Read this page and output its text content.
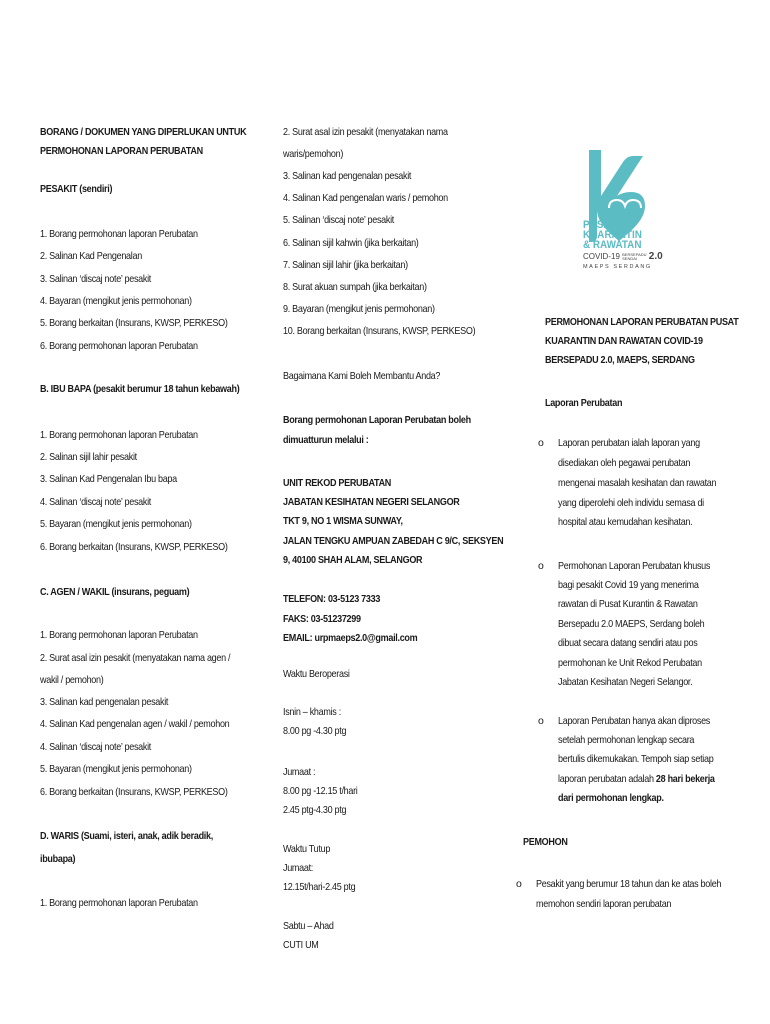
BORANG / DOKUMEN YANG DIPERLUKAN UNTUK
PERMOHONAN LAPORAN PERUBATAN
PESAKIT (sendiri)
1. Borang permohonan laporan Perubatan
2. Salinan Kad Pengenalan
3. Salinan ‘discaj note’ pesakit
4. Bayaran (mengikut jenis permohonan)
5. Borang berkaitan (Insurans, KWSP, PERKESO)
6. Borang permohonan laporan Perubatan
B. IBU BAPA (pesakit berumur 18 tahun kebawah)
1. Borang permohonan laporan Perubatan
2. Salinan sijil lahir pesakit
3. Salinan Kad Pengenalan Ibu bapa
4. Salinan ‘discaj note’ pesakit
5. Bayaran (mengikut jenis permohonan)
6. Borang berkaitan (Insurans, KWSP, PERKESO)
C. AGEN / WAKIL (insurans, peguam)
1. Borang permohonan laporan Perubatan
2. Surat asal izin pesakit (menyatakan nama agen /
wakil / pemohon)
3. Salinan kad pengenalan pesakit
4. Salinan Kad pengenalan agen / wakil / pemohon
4. Salinan ‘discaj note’ pesakit
5. Bayaran (mengikut jenis permohonan)
6. Borang berkaitan (Insurans, KWSP, PERKESO)
D. WARIS (Suami, isteri, anak, adik beradik,
ibubapa)
1. Borang permohonan laporan Perubatan
2. Surat asal izin pesakit (menyatakan nama
waris/pemohon)
3. Salinan kad pengenalan pesakit
4. Salinan Kad pengenalan waris / pemohon
5. Salinan ‘discaj note’ pesakit
6. Salinan sijil kahwin (jika berkaitan)
7. Salinan sijil lahir (jika berkaitan)
8. Surat akuan sumpah (jika berkaitan)
9. Bayaran (mengikut jenis permohonan)
10. Borang berkaitan (Insurans, KWSP, PERKESO)
Bagaimana Kami Boleh Membantu Anda?
Borang permohonan Laporan Perubatan boleh
dimuatturun melalui :
UNIT REKOD PERUBATAN
JABATAN KESIHATAN NEGERI SELANGOR
TKT 9, NO 1 WISMA SUNWAY,
JALAN TENGKU AMPUAN ZABEDAH C 9/C, SEKSYEN
9, 40100 SHAH ALAM, SELANGOR
TELEFON: 03-5123 7333
FAKS: 03-51237299
EMAIL: urpmaeps2.0@gmail.com
Waktu Beroperasi
Isnin – khamis :
8.00 pg -4.30 ptg
Jumaat :
8.00 pg -12.15 t/hari
2.45 ptg-4.30 ptg
Waktu Tutup
Jumaat:
12.15t/hari-2.45 ptg
Sabtu – Ahad
CUTI UM
PUSAT
KUARANTIN
& RAWATAN
COVID-19 BERSEPADU
SENDAI	2.0
MAEPS SERDANG
PERMOHONAN LAPORAN PERUBATAN PUSAT
KUARANTIN DAN RAWATAN COVID-19
BERSEPADU 2.0, MAEPS, SERDANG
Laporan Perubatan
o Laporan perubatan ialah laporan yang
disediakan oleh pegawai perubatan
mengenai masalah kesihatan dan rawatan
yang diperolehi oleh individu semasa di
hospital atau kemudahan kesihatan.
o Permohonan Laporan Perubatan khusus
bagi pesakit Covid 19 yang menerima
rawatan di Pusat Kurantin & Rawatan
Bersepadu 2.0 MAEPS, Serdang boleh
dibuat secara datang sendiri atau pos
permohonan ke Unit Rekod Perubatan
Jabatan Kesihatan Negeri Selangor.
o Laporan Perubatan hanya akan diproses
setelah permohonan lengkap secara
bertulis dikemukakan. Tempoh siap setiap
laporan perubatan adalah 28 hari bekerja
dari permohonan lengkap.
PEMOHON
o Pesakit yang berumur 18 tahun dan ke atas boleh
memohon sendiri laporan perubatan
